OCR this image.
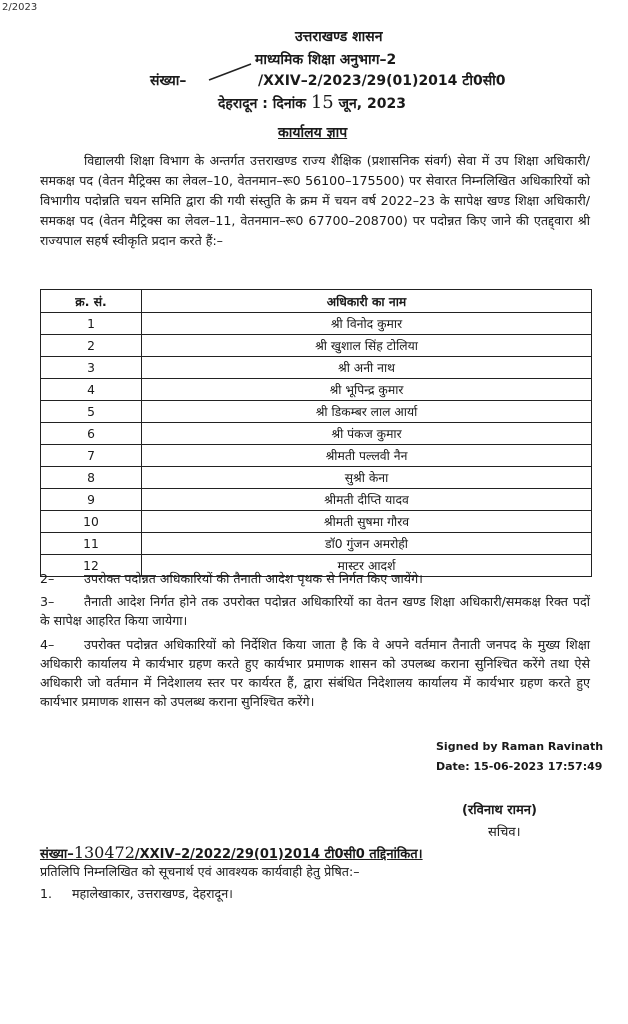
2/2023
उत्तराखण्ड शासन
माध्यमिक शिक्षा अनुभाग–2
संख्या–	/XXIV–2/2023/29(01)2014 टी0सी0
देहरादून : दिनांक 15 जून, 2023
कार्यालय ज्ञाप
विद्यालयी शिक्षा विभाग के अन्तर्गत उत्तराखण्ड राज्य शैक्षिक (प्रशासनिक संवर्ग) सेवा में उप शिक्षा अधिकारी/समकक्ष पद (वेतन मैट्रिक्स का लेवल–10, वेतनमान–रू0 56100–175500) पर सेवारत निम्नलिखित अधिकारियों को विभागीय पदोन्नति चयन समिति द्वारा की गयी संस्तुति के क्रम में चयन वर्ष 2022–23 के सापेक्ष खण्ड शिक्षा अधिकारी/समकक्ष पद (वेतन मैट्रिक्स का लेवल–11, वेतनमान–रू0 67700–208700) पर पदोन्नत किए जाने की एतद्द्वारा श्री राज्यपाल सहर्ष स्वीकृति प्रदान करते हैं:–
क्र. सं.	अधिकारी का नाम
1	श्री विनोद कुमार
2	श्री खुशाल सिंह टोलिया
3	श्री अनी नाथ
4	श्री भूपिन्द्र कुमार
5	श्री डिकम्बर लाल आर्या
6	श्री पंकज कुमार
7	श्रीमती पल्लवी नैन
8	सुश्री केना
9	श्रीमती दीप्ति यादव
10	श्रीमती सुषमा गौरव
11	डॉ0 गुंजन अमरोही
12	मास्टर आदर्श
2– उपरोक्त पदोन्नत अधिकारियों की तैनाती आदेश पृथक से निर्गत किए जायेंगे।
3– तैनाती आदेश निर्गत होने तक उपरोक्त पदोन्नत अधिकारियों का वेतन खण्ड शिक्षा अधिकारी/समकक्ष रिक्त पदों के सापेक्ष आहरित किया जायेगा।
4– उपरोक्त पदोन्नत अधिकारियों को निर्देशित किया जाता है कि वे अपने वर्तमान तैनाती जनपद के मुख्य शिक्षा अधिकारी कार्यालय मे कार्यभार ग्रहण करते हुए कार्यभार प्रमाणक शासन को उपलब्ध कराना सुनिश्चित करेंगे तथा ऐसे अधिकारी जो वर्तमान में निदेशालय स्तर पर कार्यरत हैं, द्वारा संबंधित निदेशालय कार्यालय में कार्यभार ग्रहण करते हुए कार्यभार प्रमाणक शासन को उपलब्ध कराना सुनिश्चित करेंगे।
Signed by Raman Ravinath
Date: 15-06-2023 17:57:49
(रविनाथ रामन)
सचिव।
संख्या–130472/XXIV–2/2022/29(01)2014 टी0सी0 तद्दिनांकित।
प्रतिलिपि निम्नलिखित को सूचनार्थ एवं आवश्यक कार्यवाही हेतु प्रेषित:–
1. महालेखाकार, उत्तराखण्ड, देहरादून।
